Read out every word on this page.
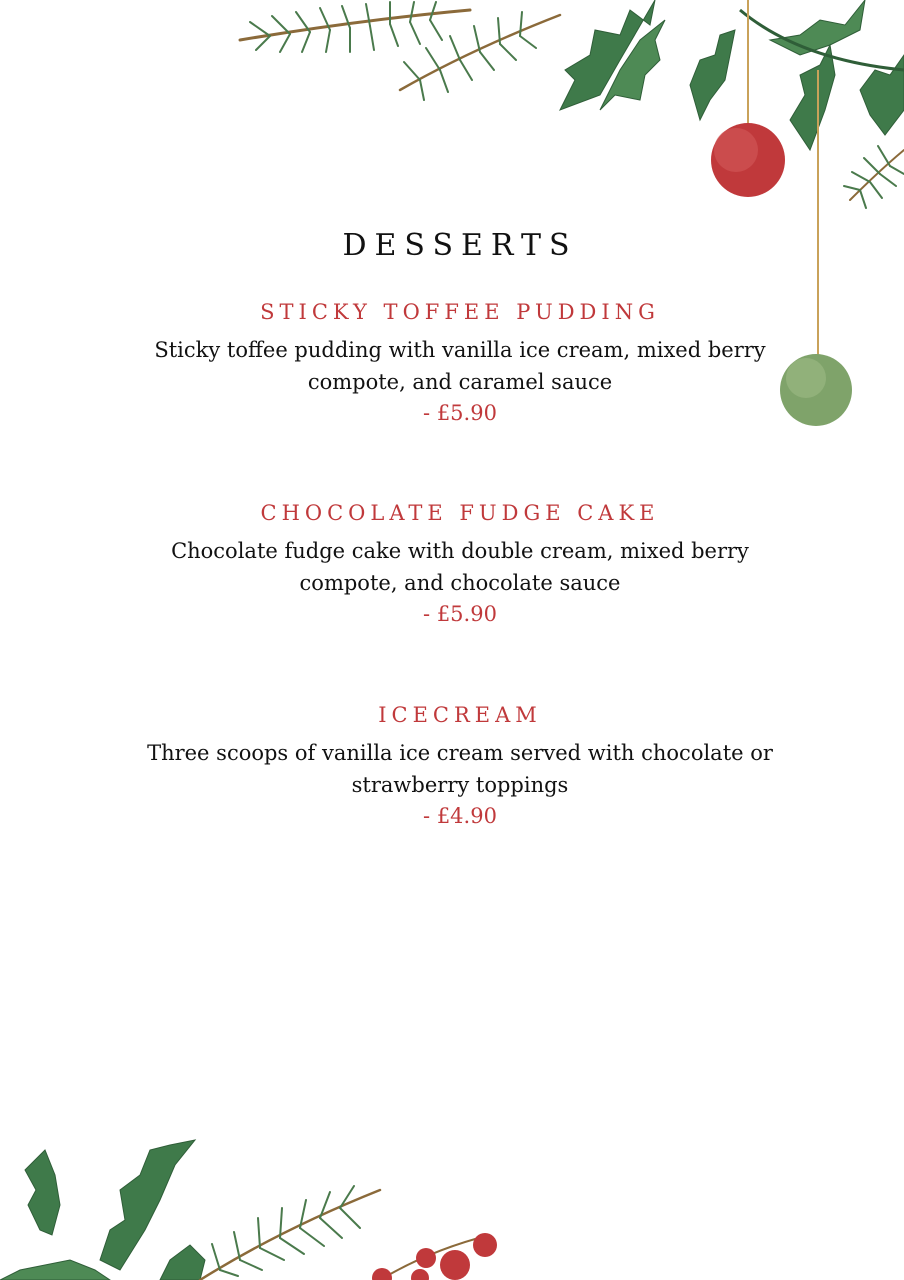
DESSERTS
STICKY TOFFEE PUDDING
Sticky toffee pudding with vanilla ice cream, mixed berry compote, and caramel sauce
- £5.90
CHOCOLATE FUDGE CAKE
Chocolate fudge cake with double cream, mixed berry compote, and chocolate sauce
- £5.90
ICECREAM
Three scoops of vanilla ice cream served with chocolate or strawberry toppings
- £4.90
